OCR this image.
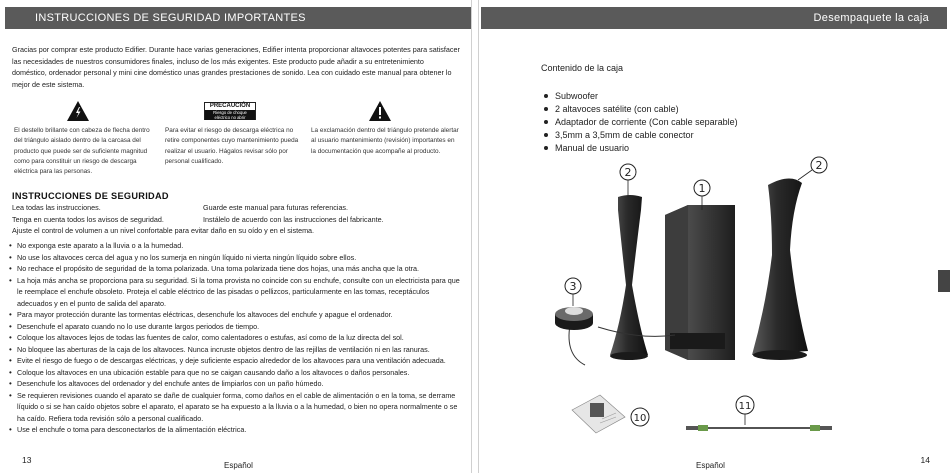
INSTRUCCIONES DE SEGURIDAD IMPORTANTES

Gracias por comprar este producto Edifier. Durante hace varias generaciones, Edifier intenta proporcionar altavoces potentes para satisfacer las necesidades de nuestros consumidores finales, incluso de los más exigentes. Este producto pude añadir a su entretenimiento doméstico, ordenador personal y mini cine doméstico unas grandes prestaciones de sonido. Lea con cuidado este manual para obtener lo mejor de este sistema.

PRECAUCIÓN
Riesgo de choque eléctrico no abrir

El destello brillante con cabeza de flecha dentro del triángulo aislado dentro de la carcasa del producto que puede ser de suficiente magnitud como para constituir un riesgo de descarga eléctrica para las personas.

Para evitar el riesgo de descarga eléctrica no retire componentes cuyo mantenimiento pueda realizar el usuario. Hágalos revisar sólo por personal cualificado.

La exclamación dentro del triángulo pretende alertar al usuario mantenimiento (revisión) importantes en la documentación que acompañe al producto.

INSTRUCCIONES DE SEGURIDAD
Lea todas las instrucciones.	Guarde este manual para futuras referencias.
Tenga en cuenta todos los avisos de seguridad.	Instálelo de acuerdo con las instrucciones del fabricante.
Ajuste el control de volumen a un nivel confortable para evitar daño en su oído y en el sistema.
• No exponga este aparato a la lluvia o a la humedad.
• No use los altavoces cerca del agua y no los sumerja en ningún líquido ni vierta ningún líquido sobre ellos.
• No rechace el propósito de seguridad de la toma polarizada. Una toma polarizada tiene dos hojas, una más ancha que la otra.
• La hoja más ancha se proporciona para su seguridad. Si la toma provista no coincide con su enchufe, consulte con un electricista para que le reemplace el enchufe obsoleto. Proteja el cable eléctrico de las pisadas o pellizcos, particularmente en las tomas, receptáculos adecuados y en el punto de salida del aparato.
• Para mayor protección durante las tormentas eléctricas, desenchufe los altavoces del enchufe y apague el ordenador.
• Desenchufe el aparato cuando no lo use durante largos periodos de tiempo.
• Coloque los altavoces lejos de todas las fuentes de calor, como calentadores o estufas, así como de la luz directa del sol.
• No bloquee las aberturas de la caja de los altavoces. Nunca incruste objetos dentro de las rejillas de ventilación ni en las ranuras.
• Evite el riesgo de fuego o de descargas eléctricas, y deje suficiente espacio alrededor de los altavoces para una ventilación adecuada.
• Coloque los altavoces en una ubicación estable para que no se caigan causando daño a los altavoces o daños personales.
• Desenchufe los altavoces del ordenador y del enchufe antes de limpiarlos con un paño húmedo.
• Se requieren revisiones cuando el aparato se dañe de cualquier forma, como daños en el cable de alimentación o en la toma, se derrame líquido o si se han caído objetos sobre el aparato, el aparato se ha expuesto a la lluvia o a la humedad, o bien no opera normalmente o se ha caído. Refiera toda revisión sólo a personal cualificado.
• Use el enchufe o toma para desconectarlos de la alimentación eléctrica.
13
Español
Desempaquete la caja
14
Español
Contenido de la caja
Subwoofer
2 altavoces satélite (con cable)
Adaptador de corriente (Con cable separable)
3,5mm a 3,5mm de cable conector
Manual de usuario
1
2
2
3
10
11
